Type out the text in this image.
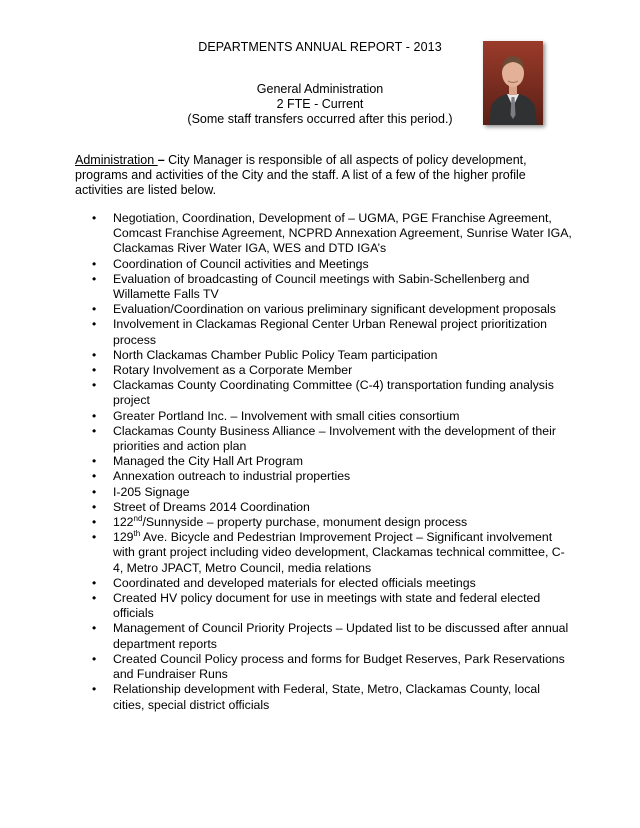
DEPARTMENTS ANNUAL REPORT - 2013
General Administration
2 FTE - Current
(Some staff transfers occurred after this period.)
Administration – City Manager is responsible of all aspects of policy development, programs and activities of the City and the staff. A list of a few of the higher profile activities are listed below.
• Negotiation, Coordination, Development of – UGMA, PGE Franchise Agreement, Comcast Franchise Agreement, NCPRD Annexation Agreement, Sunrise Water IGA, Clackamas River Water IGA, WES and DTD IGA’s
• Coordination of Council activities and Meetings
• Evaluation of broadcasting of Council meetings with Sabin-Schellenberg and Willamette Falls TV
• Evaluation/Coordination on various preliminary significant development proposals
• Involvement in Clackamas Regional Center Urban Renewal project prioritization process
• North Clackamas Chamber Public Policy Team participation
• Rotary Involvement as a Corporate Member
• Clackamas County Coordinating Committee (C-4) transportation funding analysis project
• Greater Portland Inc. – Involvement with small cities consortium
• Clackamas County Business Alliance – Involvement with the development of their priorities and action plan
• Managed the City Hall Art Program
• Annexation outreach to industrial properties
• I-205 Signage
• Street of Dreams 2014 Coordination
• 122nd/Sunnyside – property purchase, monument design process
• 129th Ave. Bicycle and Pedestrian Improvement Project – Significant involvement with grant project including video development, Clackamas technical committee, C-4, Metro JPACT, Metro Council, media relations
• Coordinated and developed materials for elected officials meetings
• Created HV policy document for use in meetings with state and federal elected officials
• Management of Council Priority Projects – Updated list to be discussed after annual department reports
• Created Council Policy process and forms for Budget Reserves, Park Reservations and Fundraiser Runs
• Relationship development with Federal, State, Metro, Clackamas County, local cities, special district officials
